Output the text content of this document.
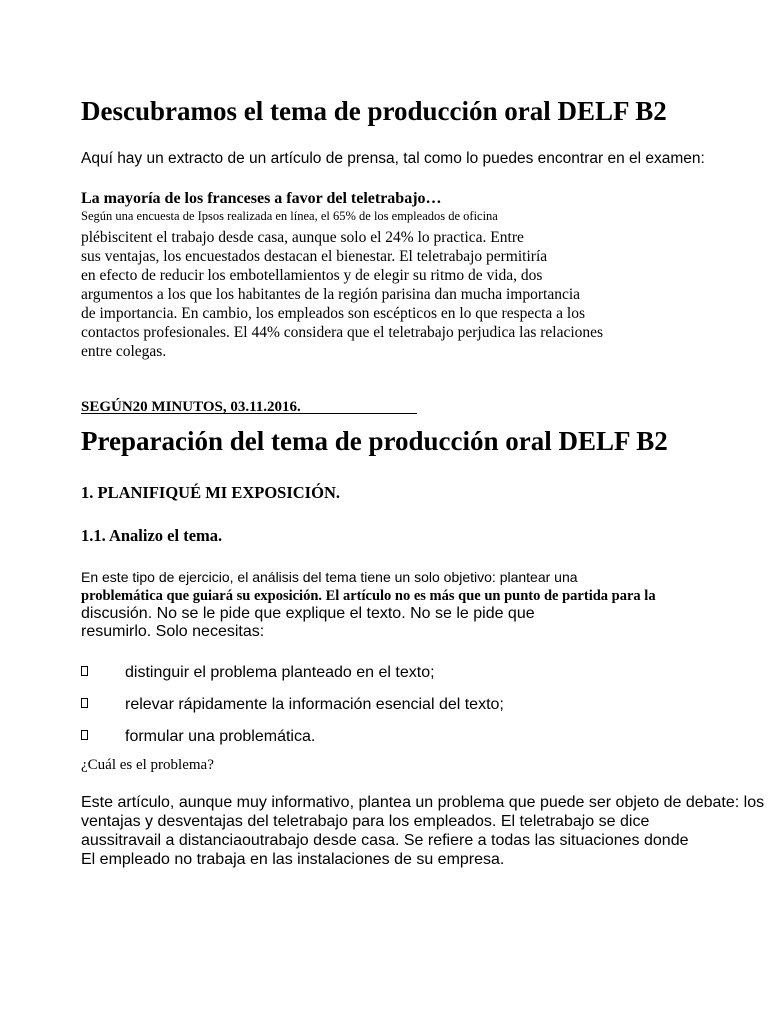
Descubramos el tema de producción oral DELF B2
Aquí hay un extracto de un artículo de prensa, tal como lo puedes encontrar en el examen:
La mayoría de los franceses a favor del teletrabajo…
Según una encuesta de Ipsos realizada en línea, el 65% de los empleados de oficina
plébiscitent el trabajo desde casa, aunque solo el 24% lo practica. Entre
sus ventajas, los encuestados destacan el bienestar. El teletrabajo permitiría
en efecto de reducir los embotellamientos y de elegir su ritmo de vida, dos
argumentos a los que los habitantes de la región parisina dan mucha importancia
de importancia. En cambio, los empleados son escépticos en lo que respecta a los
contactos profesionales. El 44% considera que el teletrabajo perjudica las relaciones
entre colegas.
SEGÚN20 MINUTOS, 03.11.2016.
Preparación del tema de producción oral DELF B2
1. PLANIFIQUÉ MI EXPOSICIÓN.
1.1. Analizo el tema.
En este tipo de ejercicio, el análisis del tema tiene un solo objetivo: plantear una
problemática que guiará su exposición. El artículo no es más que un punto de partida para la
discusión. No se le pide que explique el texto. No se le pide que
resumirlo. Solo necesitas:
distinguir el problema planteado en el texto;
relevar rápidamente la información esencial del texto;
formular una problemática.
¿Cuál es el problema?
Este artículo, aunque muy informativo, plantea un problema que puede ser objeto de debate: los
ventajas y desventajas del teletrabajo para los empleados. El teletrabajo se dice
aussitravail a distanciaoutrabajo desde casa. Se refiere a todas las situaciones donde
El empleado no trabaja en las instalaciones de su empresa.
